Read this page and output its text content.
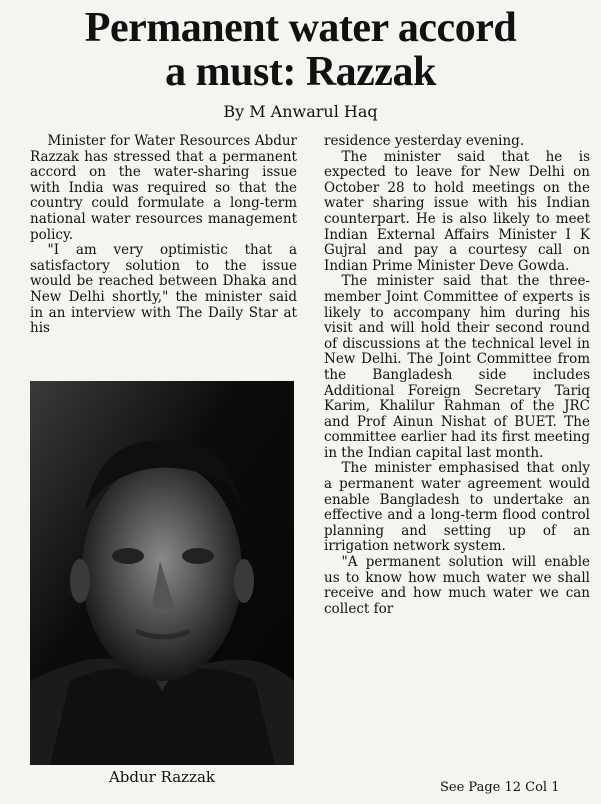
Permanent water accord
a must: Razzak
By M Anwarul Haq

Minister for Water Resources Abdur Razzak has stressed that a permanent accord on the water-sharing issue with India was required so that the country could formulate a long-term national water resources management policy.

"I am very optimistic that a satisfactory solution to the issue would be reached between Dhaka and New Delhi shortly," the minister said in an interview with The Daily Star at his

Abdur Razzak

residence yesterday evening.

The minister said that he is expected to leave for New Delhi on October 28 to hold meetings on the water sharing issue with his Indian counterpart. He is also likely to meet Indian External Affairs Minister I K Gujral and pay a courtesy call on Indian Prime Minister Deve Gowda.

The minister said that the three-member Joint Committee of experts is likely to accompany him during his visit and will hold their second round of discussions at the technical level in New Delhi. The Joint Committee from the Bangladesh side includes Additional Foreign Secretary Tariq Karim, Khalilur Rahman of the JRC and Prof Ainun Nishat of BUET. The committee earlier had its first meeting in the Indian capital last month.

The minister emphasised that only a permanent water agreement would enable Bangladesh to undertake an effective and a long-term flood control planning and setting up of an irrigation network system.

"A permanent solution will enable us to know how much water we shall receive and how much water we can collect for

See Page 12 Col 1
